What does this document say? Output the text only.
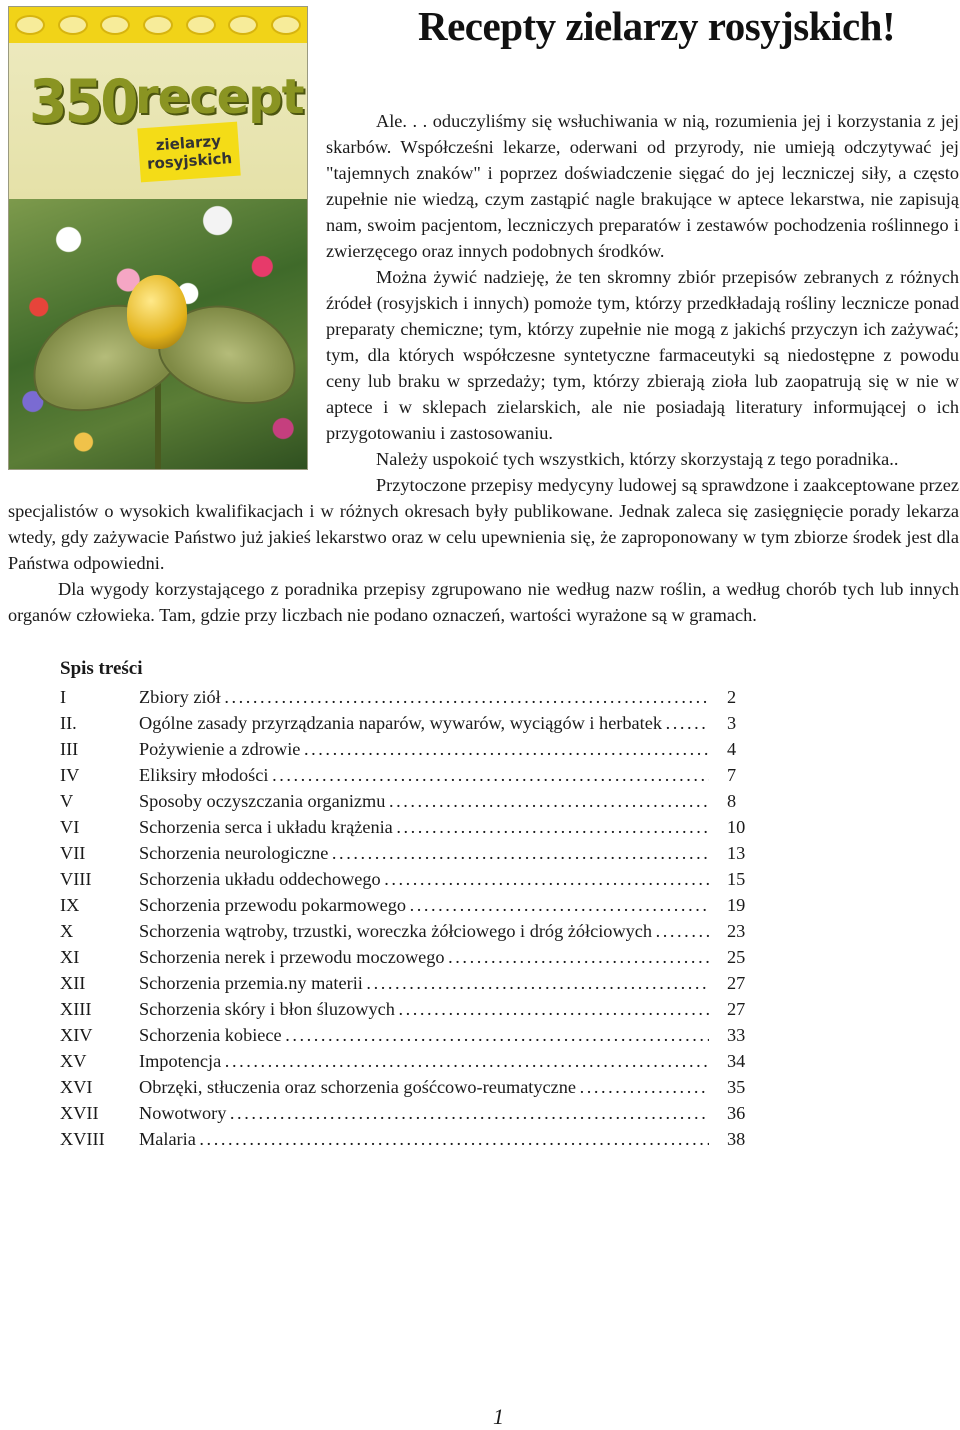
350 recept
zielarzy
rosyjskich
Recepty zielarzy rosyjskich!

Ale. . . oduczyliśmy się wsłuchiwania w nią, rozumienia jej i korzystania z jej skarbów. Współcześni lekarze, oderwani od przyrody, nie umieją odczytywać jej "tajemnych znaków" i poprzez doświadczenie sięgać do jej leczniczej siły, a często zupełnie nie wiedzą, czym zastąpić nagle brakujące w aptece lekarstwa, nie zapisują nam, swoim pacjentom, leczniczych preparatów i zestawów pochodzenia roślinnego i zwierzęcego oraz innych podobnych środków.

Można żywić nadzieję, że ten skromny zbiór przepisów zebranych z różnych źródeł (rosyjskich i innych) pomoże tym, którzy przedkładają rośliny lecznicze ponad preparaty chemiczne; tym, którzy zupełnie nie mogą z jakichś przyczyn ich zażywać; tym, dla których współczesne syntetyczne farmaceutyki są niedostępne z powodu ceny lub braku w sprzedaży; tym, którzy zbierają zioła lub zaopatrują się w nie w aptece i w sklepach zielarskich, ale nie posiadają literatury informującej o ich przygotowaniu i zastosowaniu.

Należy uspokoić tych wszystkich, którzy skorzystają z tego poradnika..

Przytoczone przepisy medycyny ludowej są sprawdzone i zaakceptowane przez specjalistów o wysokich kwalifikacjach i w różnych okresach były publikowane. Jednak zaleca się zasięgnięcie porady lekarza wtedy, gdy zażywacie Państwo już jakieś lekarstwo oraz w celu upewnienia się, że zaproponowany w tym zbiorze środek jest dla Państwa odpowiedni.

Dla wygody korzystającego z poradnika przepisy zgrupowano nie według nazw roślin, a według chorób tych lub innych organów człowieka. Tam, gdzie przy liczbach nie podano oznaczeń, wartości wyrażone są w gramach.

Spis treści
I	Zbiory ziół . . .	2
II.	Ogólne zasady przyrządzania naparów, wywarów, wyciągów i herbatek . . .	3
III	Pożywienie a zdrowie . . .	4
IV	Eliksiry młodości . . .	7
V	Sposoby oczyszczania organizmu . . .	8
VI	Schorzenia serca i układu krążenia . . .	10
VII	Schorzenia neurologiczne . . .	13
VIII	Schorzenia układu oddechowego . . .	15
IX	Schorzenia przewodu pokarmowego . . .	19
X	Schorzenia wątroby, trzustki, woreczka żółciowego i dróg żółciowych . . .	23
XI	Schorzenia nerek i przewodu moczowego . . .	25
XII	Schorzenia przemia.ny materii . . .	27
XIII	Schorzenia skóry i błon śluzowych . . .	27
XIV	Schorzenia kobiece . . .	33
XV	Impotencja . . .	34
XVI	Obrzęki, stłuczenia oraz schorzenia gośćcowo-reumatyczne . . .	35
XVII	Nowotwory . . .	36
XVIII	Malaria . . .	38
1
